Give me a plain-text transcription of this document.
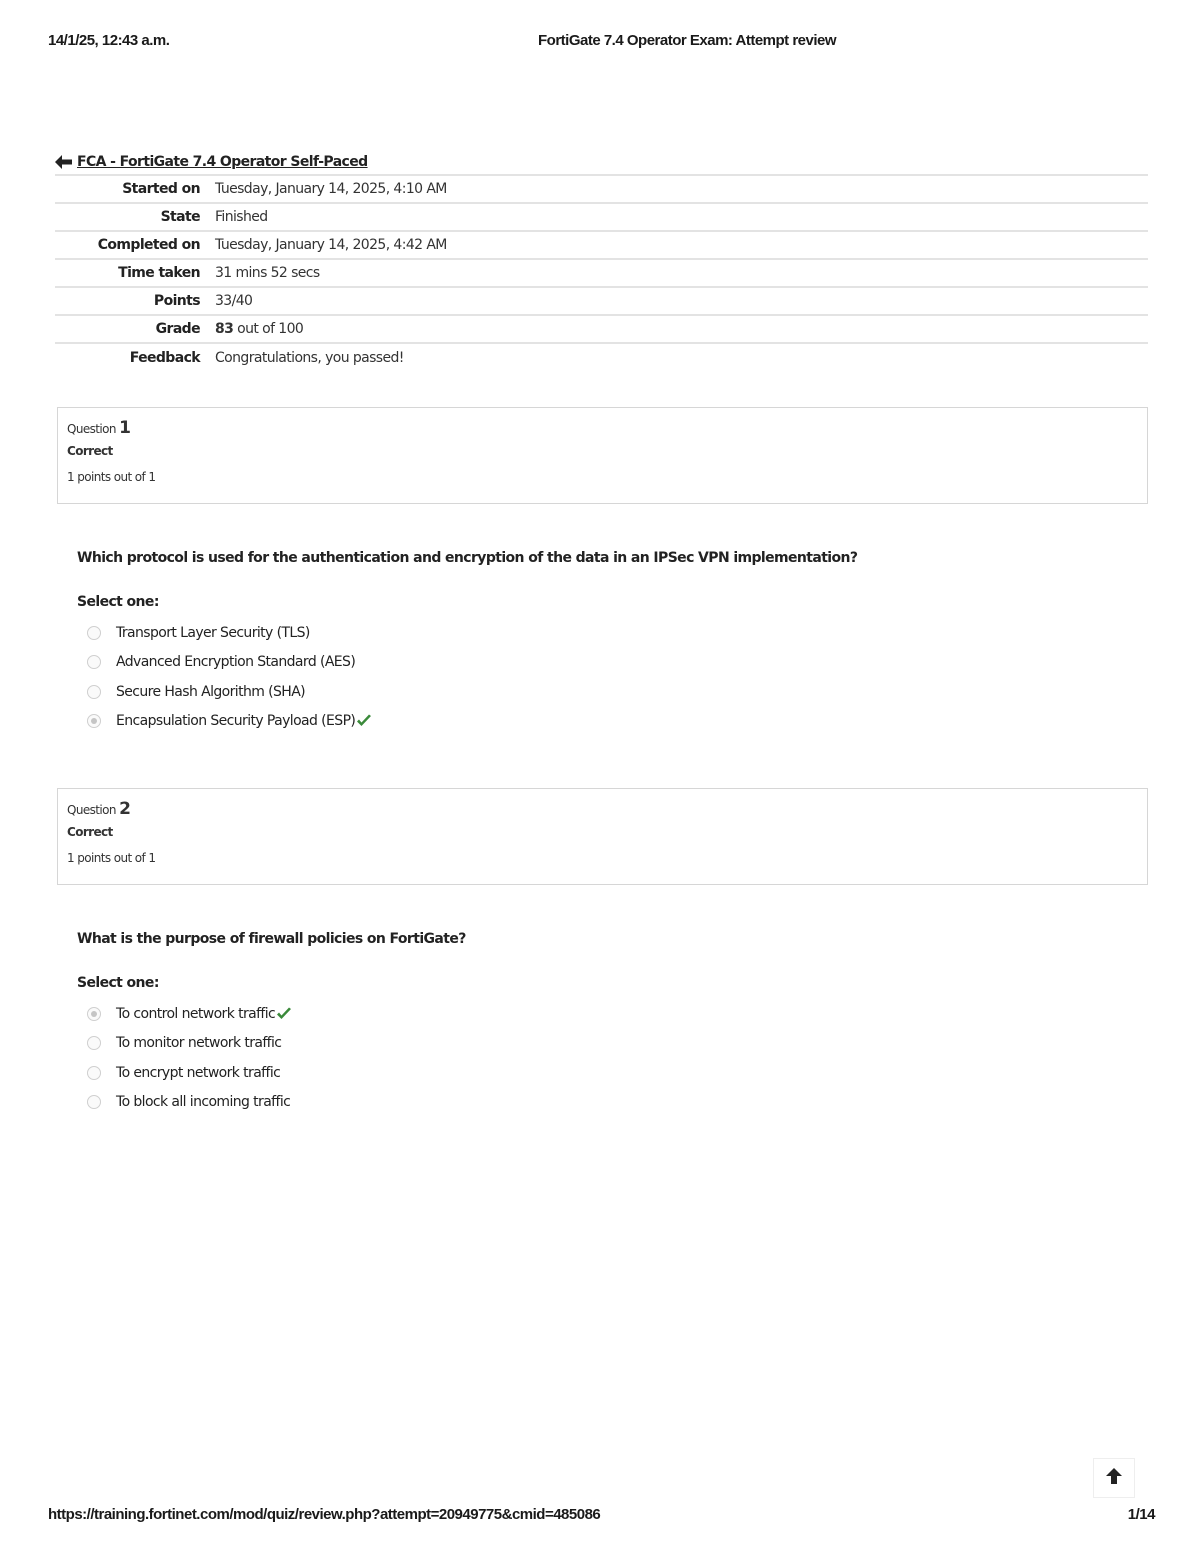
14/1/25, 12:43 a.m.	FortiGate 7.4 Operator Exam: Attempt review
FCA - FortiGate 7.4 Operator Self-Paced
Started on	Tuesday, January 14, 2025, 4:10 AM
State	Finished
Completed on	Tuesday, January 14, 2025, 4:42 AM
Time taken	31 mins 52 secs
Points	33/40
Grade	83 out of 100
Feedback	Congratulations, you passed!
Question 1
Correct
1 points out of 1
Which protocol is used for the authentication and encryption of the data in an IPSec VPN implementation?
Select one:
Transport Layer Security (TLS)
Advanced Encryption Standard (AES)
Secure Hash Algorithm (SHA)
Encapsulation Security Payload (ESP)
Question 2
Correct
1 points out of 1
What is the purpose of firewall policies on FortiGate?
Select one:
To control network traffic
To monitor network traffic
To encrypt network traffic
To block all incoming traffic
https://training.fortinet.com/mod/quiz/review.php?attempt=20949775&cmid=485086	1/14
